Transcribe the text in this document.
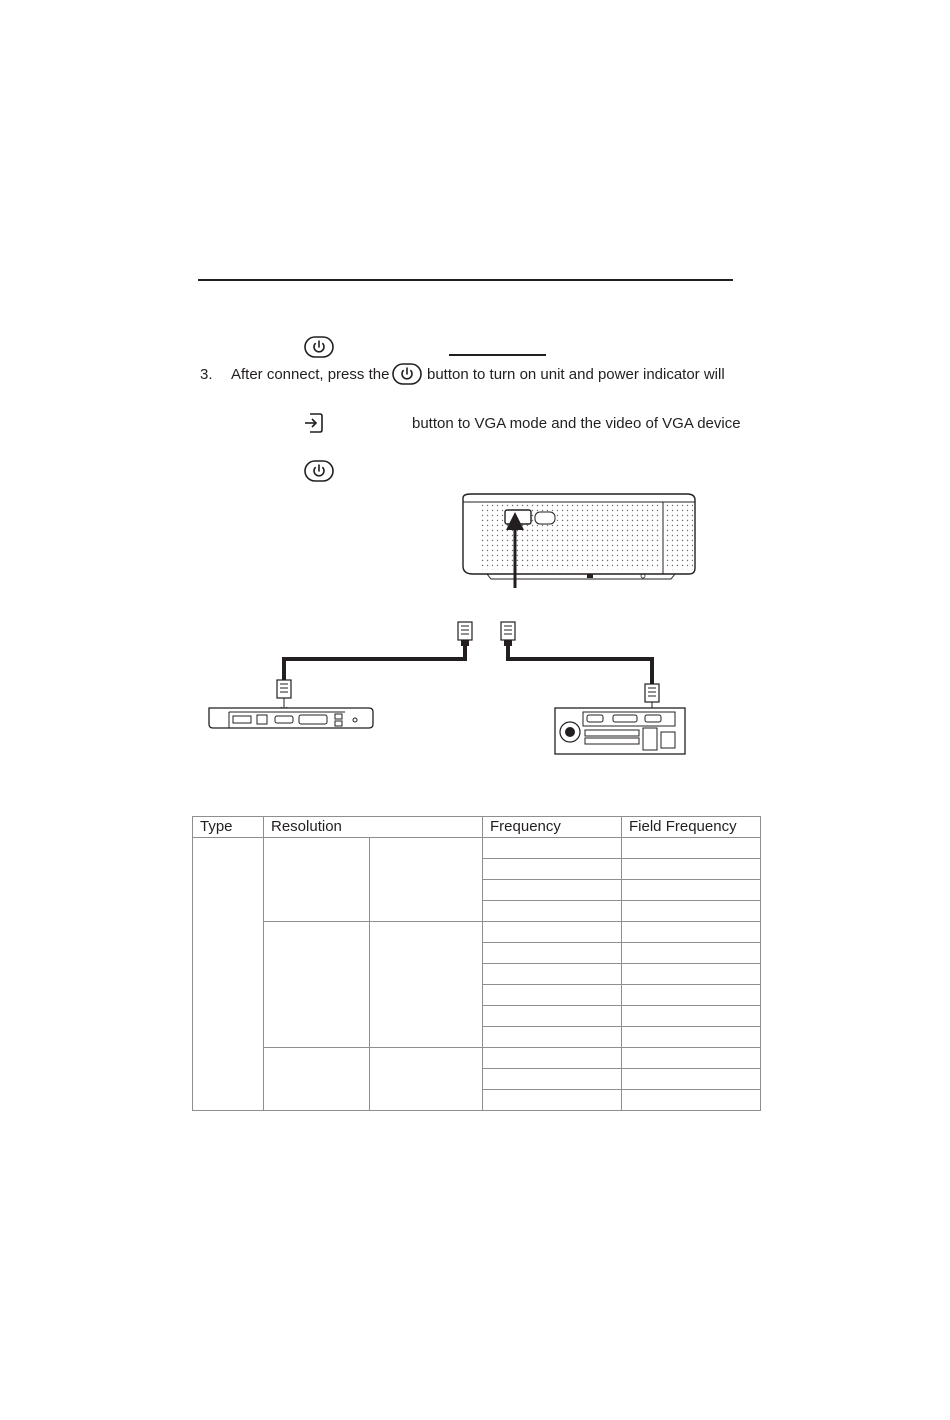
3. After connect, press the	button to turn on unit and power indicator will
button to VGA mode and the video of VGA device
Type	Resolution		Frequency	Field Frequency
